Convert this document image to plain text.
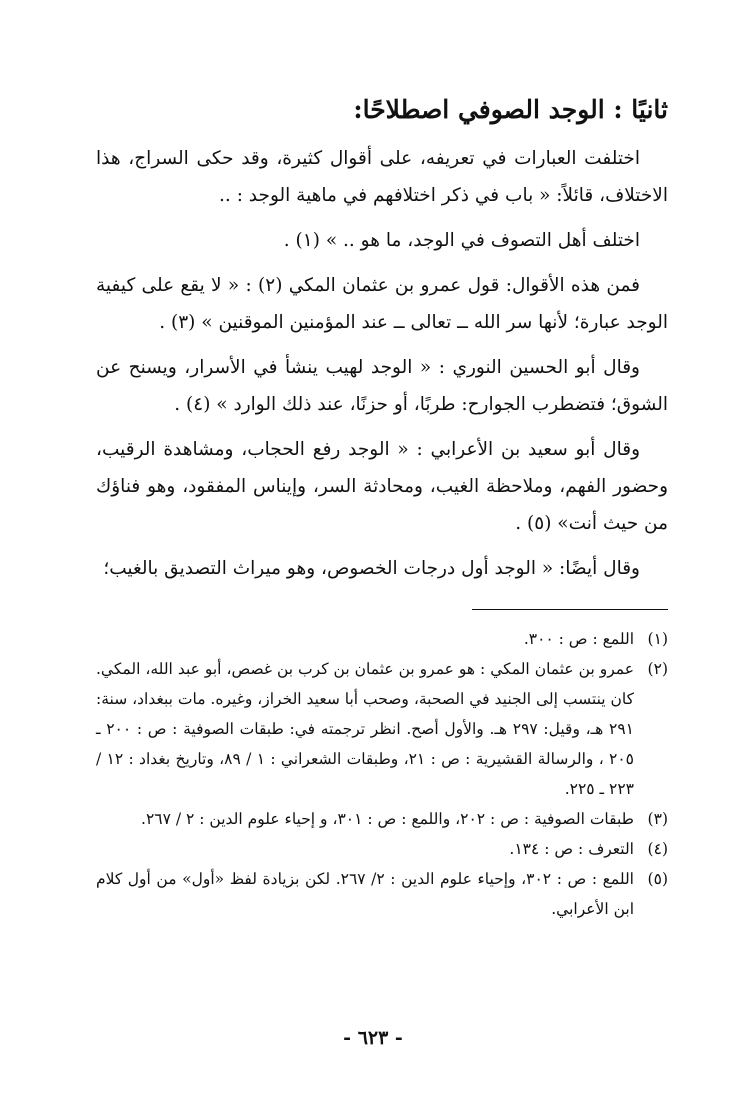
ثانيًا : الوجد الصوفي اصطلاحًا:

اختلفت العبارات في تعريفه، على أقوال كثيرة، وقد حكى السراج، هذا الاختلاف، قائلاً: « باب في ذكر اختلافهم في ماهية الوجد : ..

اختلف أهل التصوف في الوجد، ما هو .. » (١) .

فمن هذه الأقوال: قول عمرو بن عثمان المكي (٢) : « لا يقع على كيفية الوجد عبارة؛ لأنها سر الله ــ تعالى ــ عند المؤمنين الموقنين » (٣) .

وقال أبو الحسين النوري : « الوجد لهيب ينشأ في الأسرار، ويسنح عن الشوق؛ فتضطرب الجوارح: طربًا، أو حزنًا، عند ذلك الوارد » (٤) .

وقال أبو سعيد بن الأعرابي : « الوجد رفع الحجاب، ومشاهدة الرقيب، وحضور الفهم، وملاحظة الغيب، ومحادثة السر، وإيناس المفقود، وهو فناؤك من حيث أنت» (٥) .

وقال أيضًا: « الوجد أول درجات الخصوص، وهو ميراث التصديق بالغيب؛

(١)
اللمع : ص : ٣٠٠.
(٢)
عمرو بن عثمان المكي : هو عمرو بن عثمان بن كرب بن غصص، أبو عبد الله، المكي. كان ينتسب إلى الجنيد في الصحبة، وصحب أبا سعيد الخراز، وغيره. مات ببغداد، سنة: ٢٩١ هـ، وقيل: ٢٩٧ هـ. والأول أصح. انظر ترجمته في: طبقات الصوفية : ص : ٢٠٠ ـ ٢٠٥ ، والرسالة القشيرية : ص : ٢١، وطبقات الشعراني : ١ / ٨٩، وتاريخ بغداد : ١٢ / ٢٢٣ ـ ٢٢٥.
(٣)
طبقات الصوفية : ص : ٢٠٢، واللمع : ص : ٣٠١، و إحياء علوم الدين : ٢ / ٢٦٧.
(٤)
التعرف : ص : ١٣٤.
(٥)
اللمع : ص : ٣٠٢، وإحياء علوم الدين : ٢/ ٢٦٧. لكن بزيادة لفظ «أول» من أول كلام ابن الأعرابي.
- ٦٢٣ -
